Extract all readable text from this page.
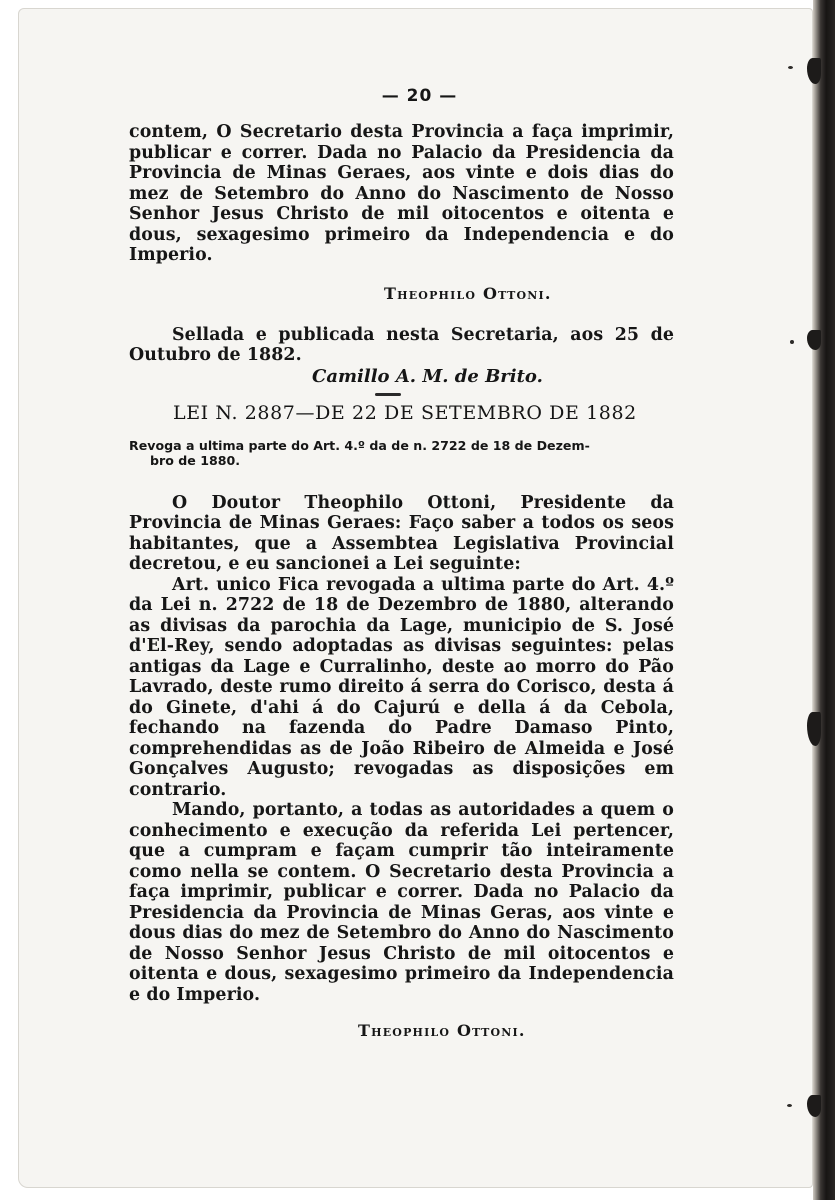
— 20 —

contem, O Secretario desta Provincia a faça imprimir, publicar e correr. Dada no Palacio da Presidencia da Provincia de Minas Geraes, aos vinte e dois dias do mez de Setembro do Anno do Nascimento de Nosso Senhor Jesus Christo de mil oitocentos e oitenta e dous, sexagesimo primeiro da Independencia e do Imperio.

Theophilo Ottoni.

Sellada e publicada nesta Secretaria, aos 25 de Outubro de 1882.

Camillo A. M. de Brito.
LEI N. 2887—DE 22 DE SETEMBRO DE 1882
Revoga a ultima parte do Art. 4.º da de n. 2722 de 18 de Dezem-
bro de 1880.

O Doutor Theophilo Ottoni, Presidente da Provincia de Minas Geraes: Faço saber a todos os seos habitantes, que a Assembtea Legislativa Provincial decretou, e eu sancionei a Lei seguinte:

Art. unico Fica revogada a ultima parte do Art. 4.º da Lei n. 2722 de 18 de Dezembro de 1880, alterando as divisas da parochia da Lage, municipio de S. José d'El-Rey, sendo adoptadas as divisas seguintes: pelas antigas da Lage e Curralinho, deste ao morro do Pão Lavrado, deste rumo direito á serra do Corisco, desta á do Ginete, d'ahi á do Cajurú e della á da Cebola, fechando na fazenda do Padre Damaso Pinto, comprehendidas as de João Ribeiro de Almeida e José Gonçalves Augusto; revogadas as disposições em contrario.

Mando, portanto, a todas as autoridades a quem o conhecimento e execução da referida Lei pertencer, que a cumpram e façam cumprir tão inteiramente como nella se contem. O Secretario desta Provincia a faça imprimir, publicar e correr. Dada no Palacio da Presidencia da Provincia de Minas Geras, aos vinte e dous dias do mez de Setembro do Anno do Nascimento de Nosso Senhor Jesus Christo de mil oitocentos e oitenta e dous, sexagesimo primeiro da Independencia e do Imperio.

Theophilo Ottoni.
